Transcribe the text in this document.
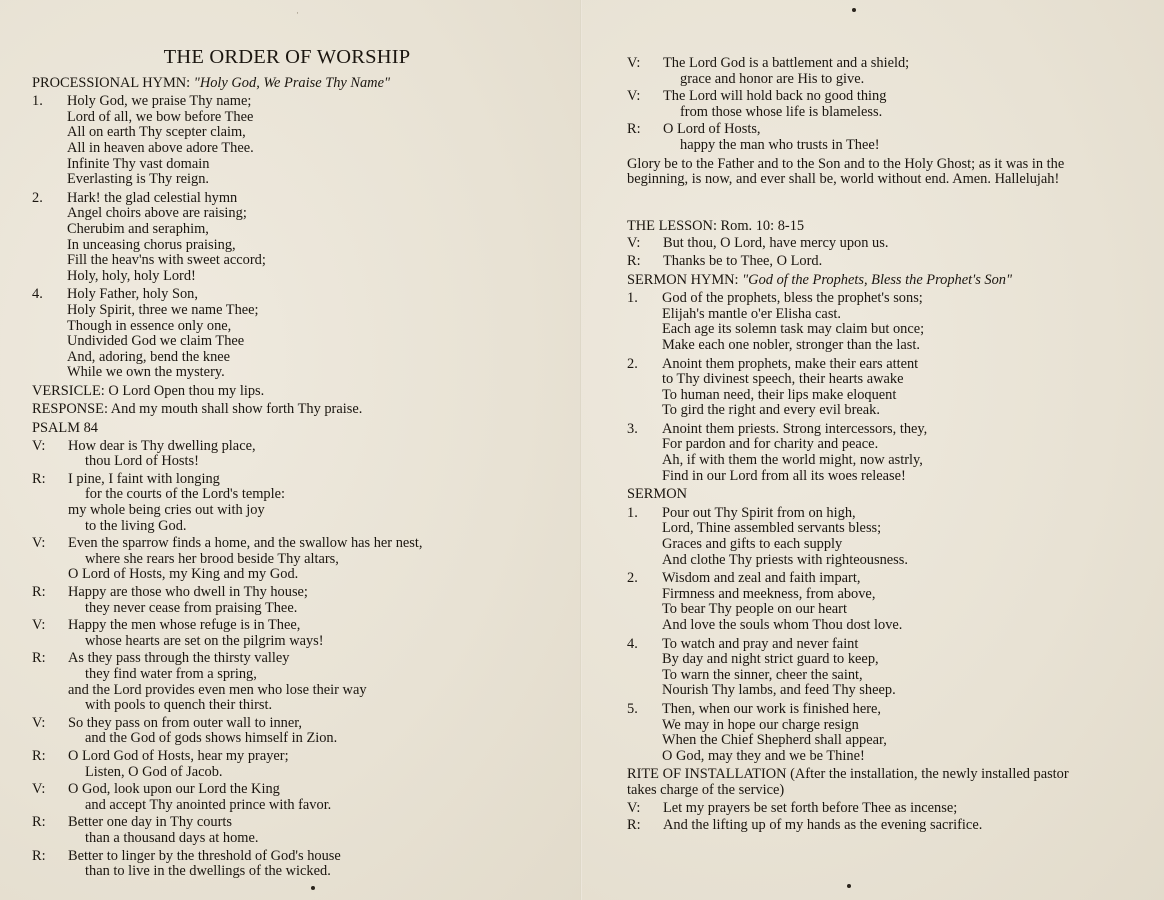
·
THE ORDER OF WORSHIP
PROCESSIONAL HYMN: "Holy God, We Praise Thy Name"
1.	Holy God, we praise Thy name;
Lord of all, we bow before Thee
All on earth Thy scepter claim,
All in heaven above adore Thee.
Infinite Thy vast domain
Everlasting is Thy reign.
2.	Hark! the glad celestial hymn
Angel choirs above are raising;
Cherubim and seraphim,
In unceasing chorus praising,
Fill the heav'ns with sweet accord;
Holy, holy, holy Lord!
4.	Holy Father, holy Son,
Holy Spirit, three we name Thee;
Though in essence only one,
Undivided God we claim Thee
And, adoring, bend the knee
While we own the mystery.
VERSICLE: O Lord Open thou my lips.
RESPONSE: And my mouth shall show forth Thy praise.
PSALM 84
V:	How dear is Thy dwelling place,
thou Lord of Hosts!
R:	I pine, I faint with longing
for the courts of the Lord's temple:
my whole being cries out with joy
to the living God.
V:	Even the sparrow finds a home, and the swallow has her nest,
where she rears her brood beside Thy altars,
O Lord of Hosts, my King and my God.
R:	Happy are those who dwell in Thy house;
they never cease from praising Thee.
V:	Happy the men whose refuge is in Thee,
whose hearts are set on the pilgrim ways!
R:	As they pass through the thirsty valley
they find water from a spring,
and the Lord provides even men who lose their way
with pools to quench their thirst.
V:	So they pass on from outer wall to inner,
and the God of gods shows himself in Zion.
R:	O Lord God of Hosts, hear my prayer;
Listen, O God of Jacob.
V:	O God, look upon our Lord the King
and accept Thy anointed prince with favor.
R:	Better one day in Thy courts
than a thousand days at home.
R:	Better to linger by the threshold of God's house
than to live in the dwellings of the wicked.
V:	The Lord God is a battlement and a shield;
grace and honor are His to give.
V:	The Lord will hold back no good thing
from those whose life is blameless.
R:	O Lord of Hosts,
happy the man who trusts in Thee!
Glory be to the Father and to the Son and to the Holy Ghost; as it was in the
beginning, is now, and ever shall be, world without end. Amen. Hallelujah!
THE LESSON: Rom. 10: 8-15
V:	But thou, O Lord, have mercy upon us.
R:	Thanks be to Thee, O Lord.
SERMON HYMN: "God of the Prophets, Bless the Prophet's Son"
1.	God of the prophets, bless the prophet's sons;
Elijah's mantle o'er Elisha cast.
Each age its solemn task may claim but once;
Make each one nobler, stronger than the last.
2.	Anoint them prophets, make their ears attent
to Thy divinest speech, their hearts awake
To human need, their lips make eloquent
To gird the right and every evil break.
3.	Anoint them priests. Strong intercessors, they,
For pardon and for charity and peace.
Ah, if with them the world might, now astrly,
Find in our Lord from all its woes release!
SERMON
1.	Pour out Thy Spirit from on high,
Lord, Thine assembled servants bless;
Graces and gifts to each supply
And clothe Thy priests with righteousness.
2.	Wisdom and zeal and faith impart,
Firmness and meekness, from above,
To bear Thy people on our heart
And love the souls whom Thou dost love.
4.	To watch and pray and never faint
By day and night strict guard to keep,
To warn the sinner, cheer the saint,
Nourish Thy lambs, and feed Thy sheep.
5.	Then, when our work is finished here,
We may in hope our charge resign
When the Chief Shepherd shall appear,
O God, may they and we be Thine!
RITE OF INSTALLATION (After the installation, the newly installed pastor
takes charge of the service)
V:	Let my prayers be set forth before Thee as incense;
R:	And the lifting up of my hands as the evening sacrifice.
